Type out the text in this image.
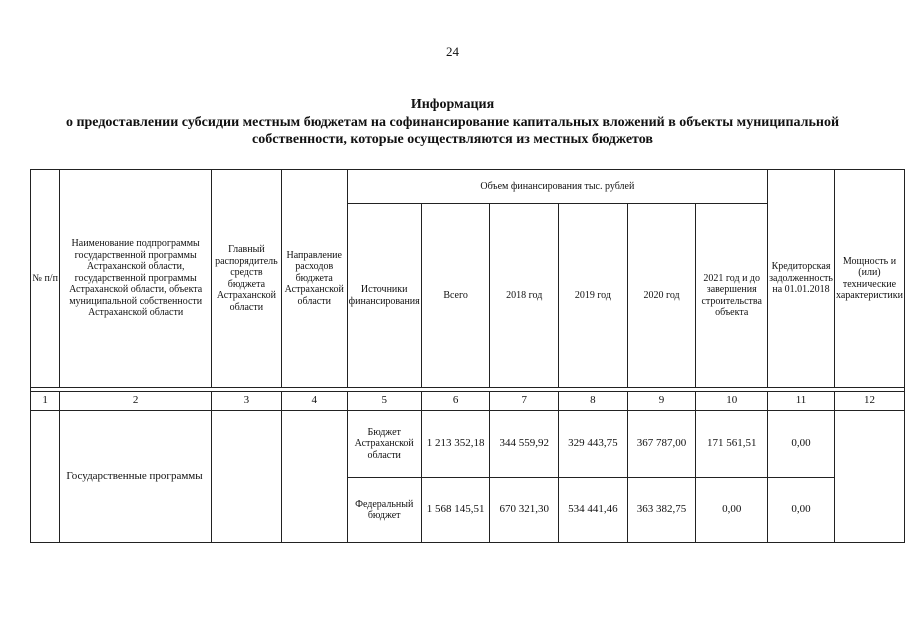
24
Информация
о предоставлении субсидии местным бюджетам на софинансирование капитальных вложений в объекты муниципальной собственности, которые осуществляются из местных бюджетов
№ п/п	Наименование подпрограммы государственной программы Астраханской области, государственной программы Астраханской области, объекта муниципальной собственности Астраханской области	Главный распорядитель средств бюджета Астраханской области	Направление расходов бюджета Астраханской области	Объем финансирования тыс. рублей						Кредиторская задолженность на 01.01.2018	Мощность и (или) технические характеристики
				Источники финансирования	Всего	2018 год	2019 год	2020 год	2021 год и до завершения строительства объекта		

1	2	3	4	5	6	7	8	9	10	11	12
	Государственные программы			Бюджет Астраханской области	1 213 352,18	344 559,92	329 443,75	367 787,00	171 561,51	0,00	
				Федеральный бюджет	1 568 145,51	670 321,30	534 441,46	363 382,75	0,00	0,00	
